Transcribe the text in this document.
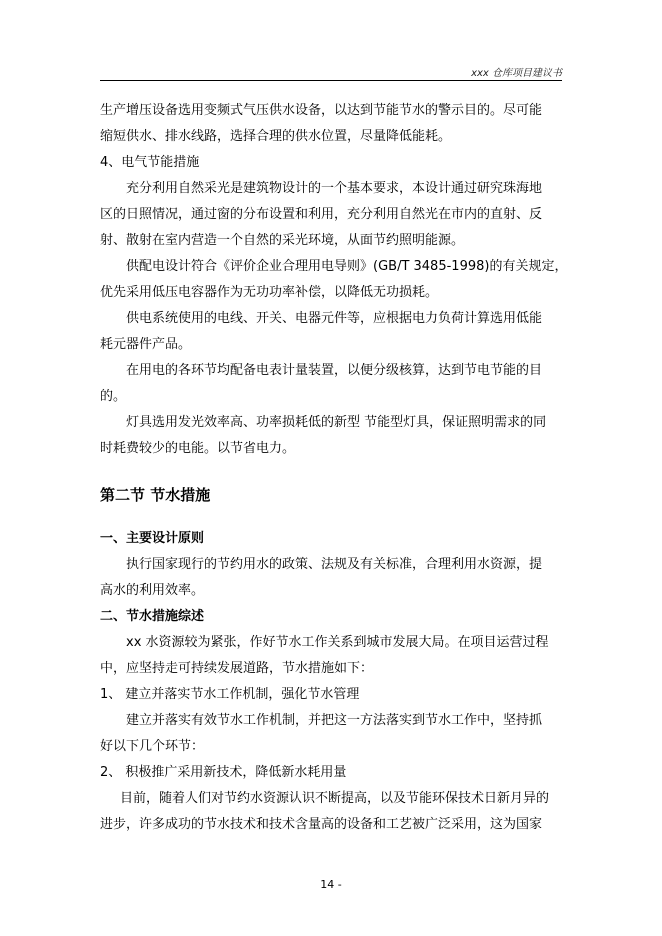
xxx 仓库项目建议书

生产增压设备选用变频式气压供水设备，以达到节能节水的警示目的。尽可能

缩短供水、排水线路，选择合理的供水位置，尽量降低能耗。

4、电气节能措施

充分利用自然采光是建筑物设计的一个基本要求，本设计通过研究珠海地

区的日照情况，通过窗的分布设置和利用，充分利用自然光在市内的直射、反

射、散射在室内营造一个自然的采光环境，从面节约照明能源。

供配电设计符合《评价企业合理用电导则》(GB/T 3485-1998)的有关规定，

优先采用低压电容器作为无功功率补偿，以降低无功损耗。

供电系统使用的电线、开关、电器元件等，应根据电力负荷计算选用低能

耗元器件产品。

在用电的各环节均配备电表计量装置，以便分级核算，达到节电节能的目

的。

灯具选用发光效率高、功率损耗低的新型 节能型灯具，保证照明需求的同

时耗费较少的电能。以节省电力。

第二节 节水措施

一、主要设计原则

执行国家现行的节约用水的政策、法规及有关标准，合理利用水资源，提

高水的利用效率。

二、节水措施综述

xx 水资源较为紧张，作好节水工作关系到城市发展大局。在项目运营过程

中，应坚持走可持续发展道路，节水措施如下：

1、 建立并落实节水工作机制，强化节水管理

建立并落实有效节水工作机制，并把这一方法落实到节水工作中，坚持抓

好以下几个环节：

2、 积极推广采用新技术，降低新水耗用量

目前，随着人们对节约水资源认识不断提高，以及节能环保技术日新月异的

进步，许多成功的节水技术和技术含量高的设备和工艺被广泛采用，这为国家

14 -
